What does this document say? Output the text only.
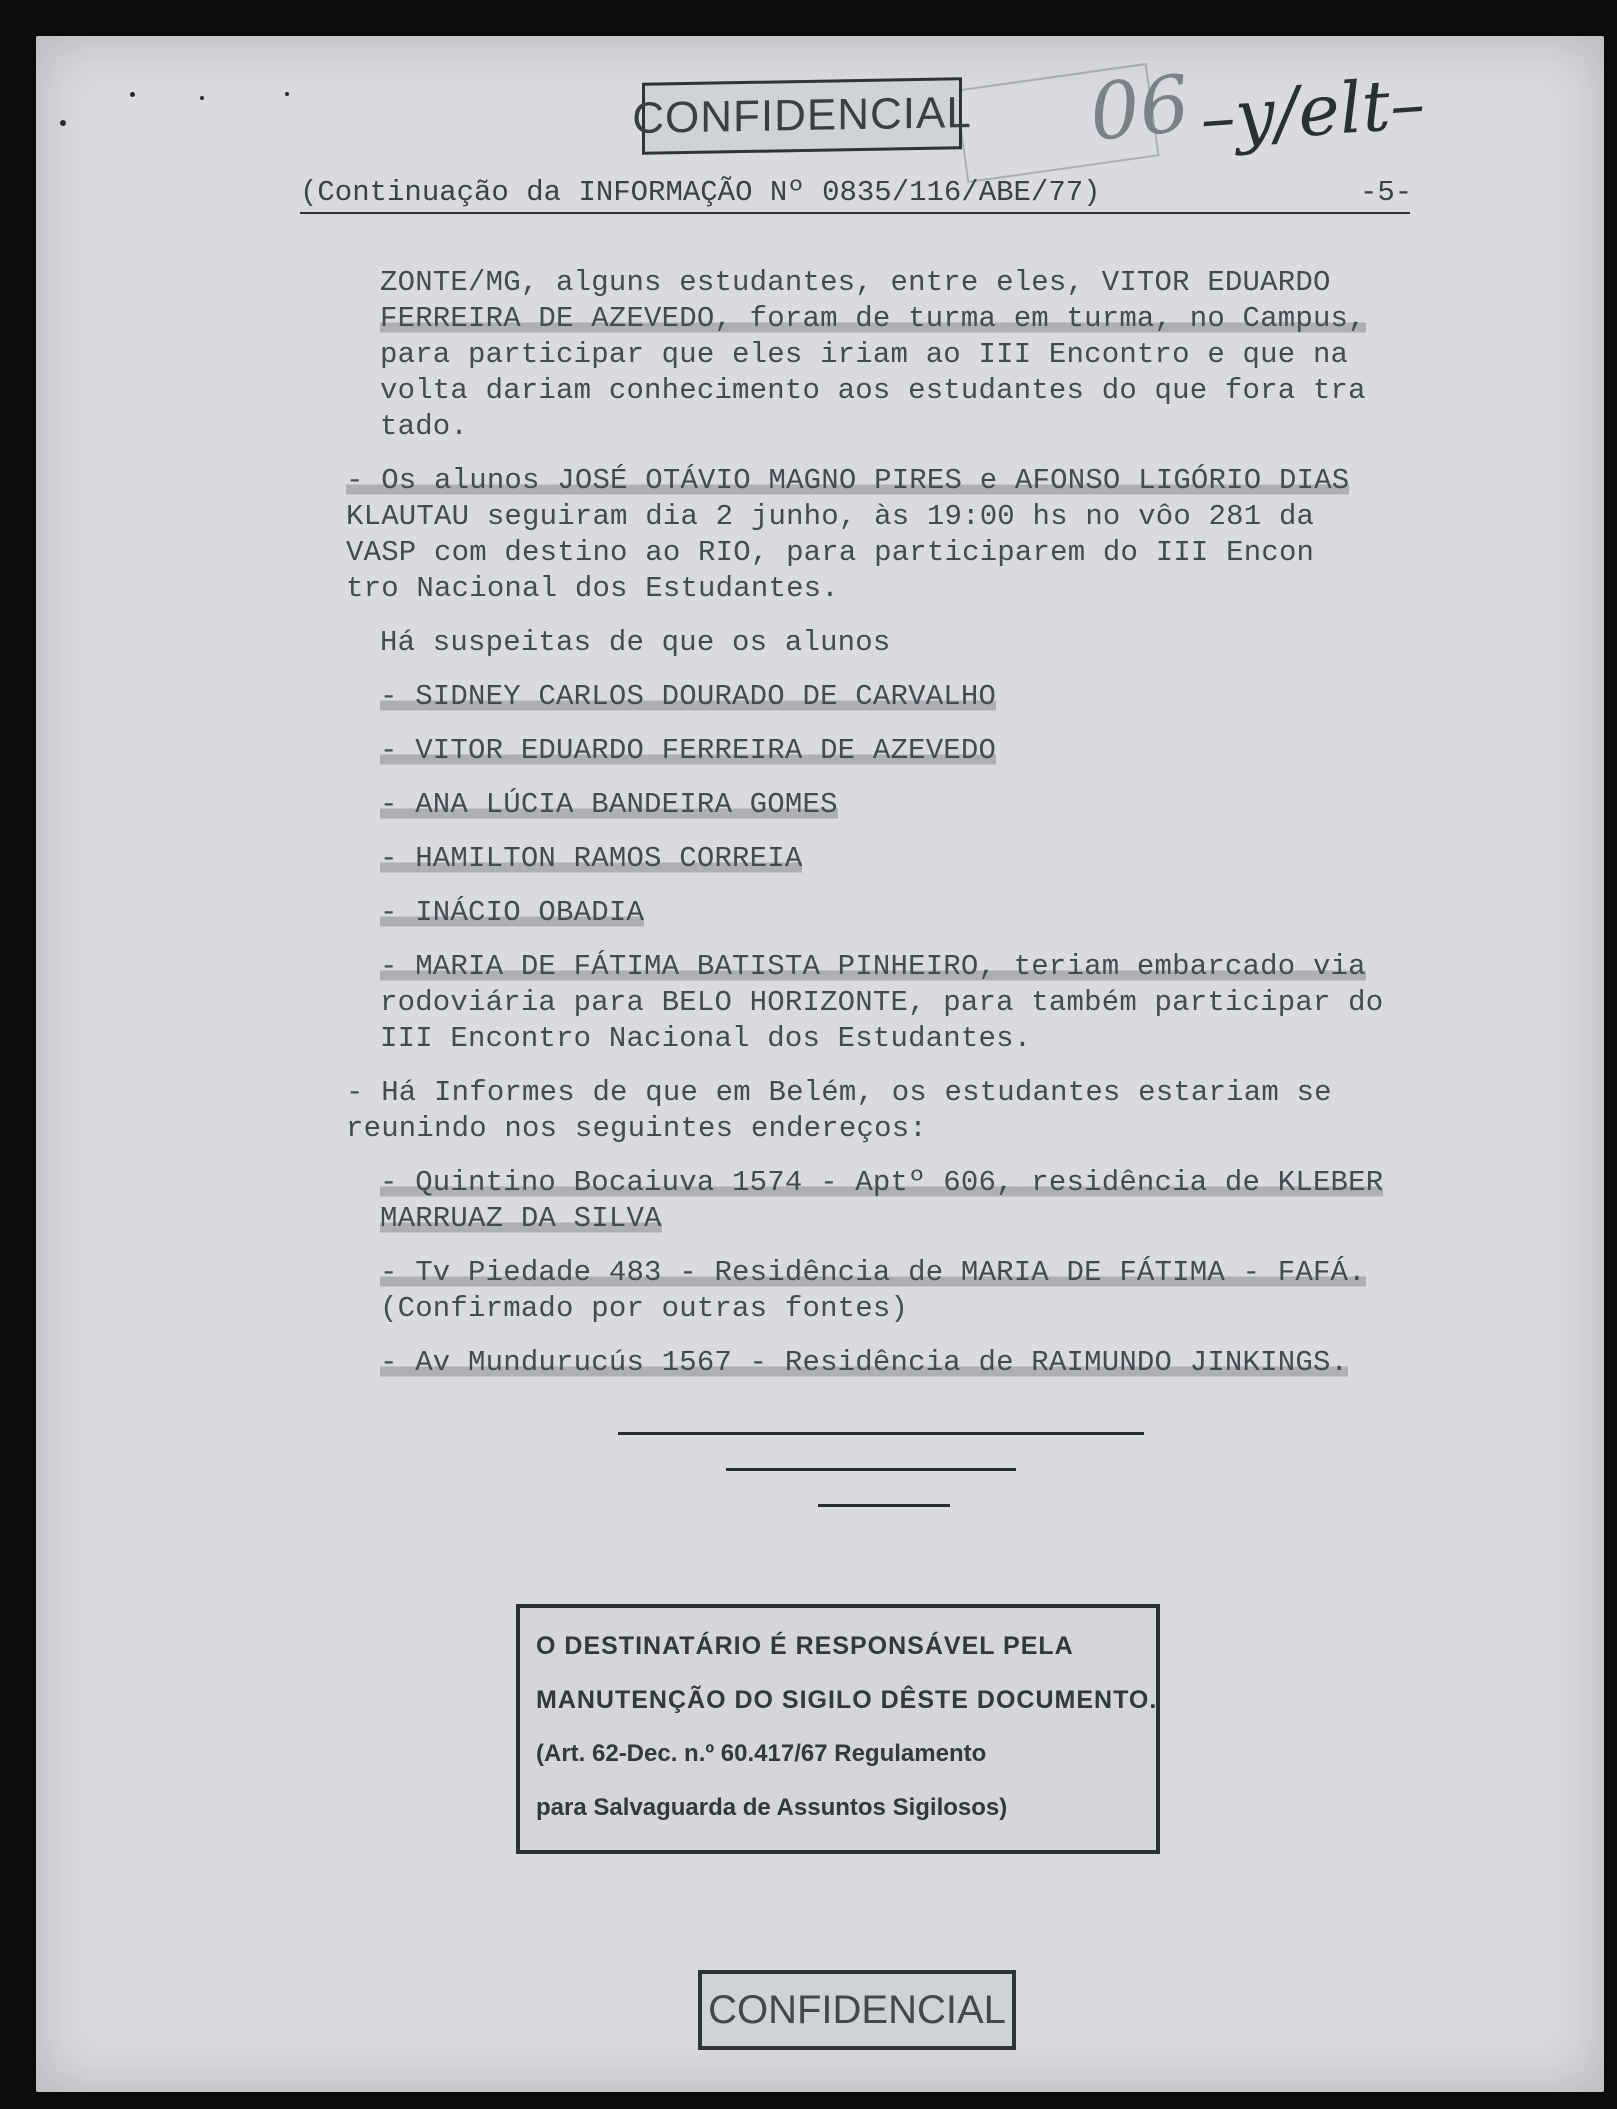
CONFIDENCIAL 06 –y/elt–
(Continuação da INFORMAÇÃO Nº 0835/116/ABE/77)	-5-
ZONTE/MG, alguns estudantes, entre eles, VITOR EDUARDO
FERREIRA DE AZEVEDO, foram de turma em turma, no Campus,
para participar que eles iriam ao III Encontro e que na
volta dariam conhecimento aos estudantes do que fora tra
tado.
- Os alunos JOSÉ OTÁVIO MAGNO PIRES e AFONSO LIGÓRIO DIAS
KLAUTAU seguiram dia 2 junho, às 19:00 hs no vôo 281 da
VASP com destino ao RIO, para participarem do III Encon
tro Nacional dos Estudantes.
Há suspeitas de que os alunos
- SIDNEY CARLOS DOURADO DE CARVALHO
- VITOR EDUARDO FERREIRA DE AZEVEDO
- ANA LÚCIA BANDEIRA GOMES
- HAMILTON RAMOS CORREIA
- INÁCIO OBADIA
- MARIA DE FÁTIMA BATISTA PINHEIRO, teriam embarcado via
rodoviária para BELO HORIZONTE, para também participar do
III Encontro Nacional dos Estudantes.
- Há Informes de que em Belém, os estudantes estariam se
reunindo nos seguintes endereços:
- Quintino Bocaiuva 1574 - Aptº 606, residência de KLEBER
MARRUAZ DA SILVA
- Tv Piedade 483 - Residência de MARIA DE FÁTIMA - FAFÁ.
(Confirmado por outras fontes)
- Av Mundurucús 1567 - Residência de RAIMUNDO JINKINGS.
O DESTINATÁRIO É RESPONSÁVEL PELA
MANUTENÇÃO DO SIGILO DÊSTE DOCUMENTO.
(Art. 62-Dec. n.º 60.417/67 Regulamento
para Salvaguarda de Assuntos Sigilosos)
CONFIDENCIAL
